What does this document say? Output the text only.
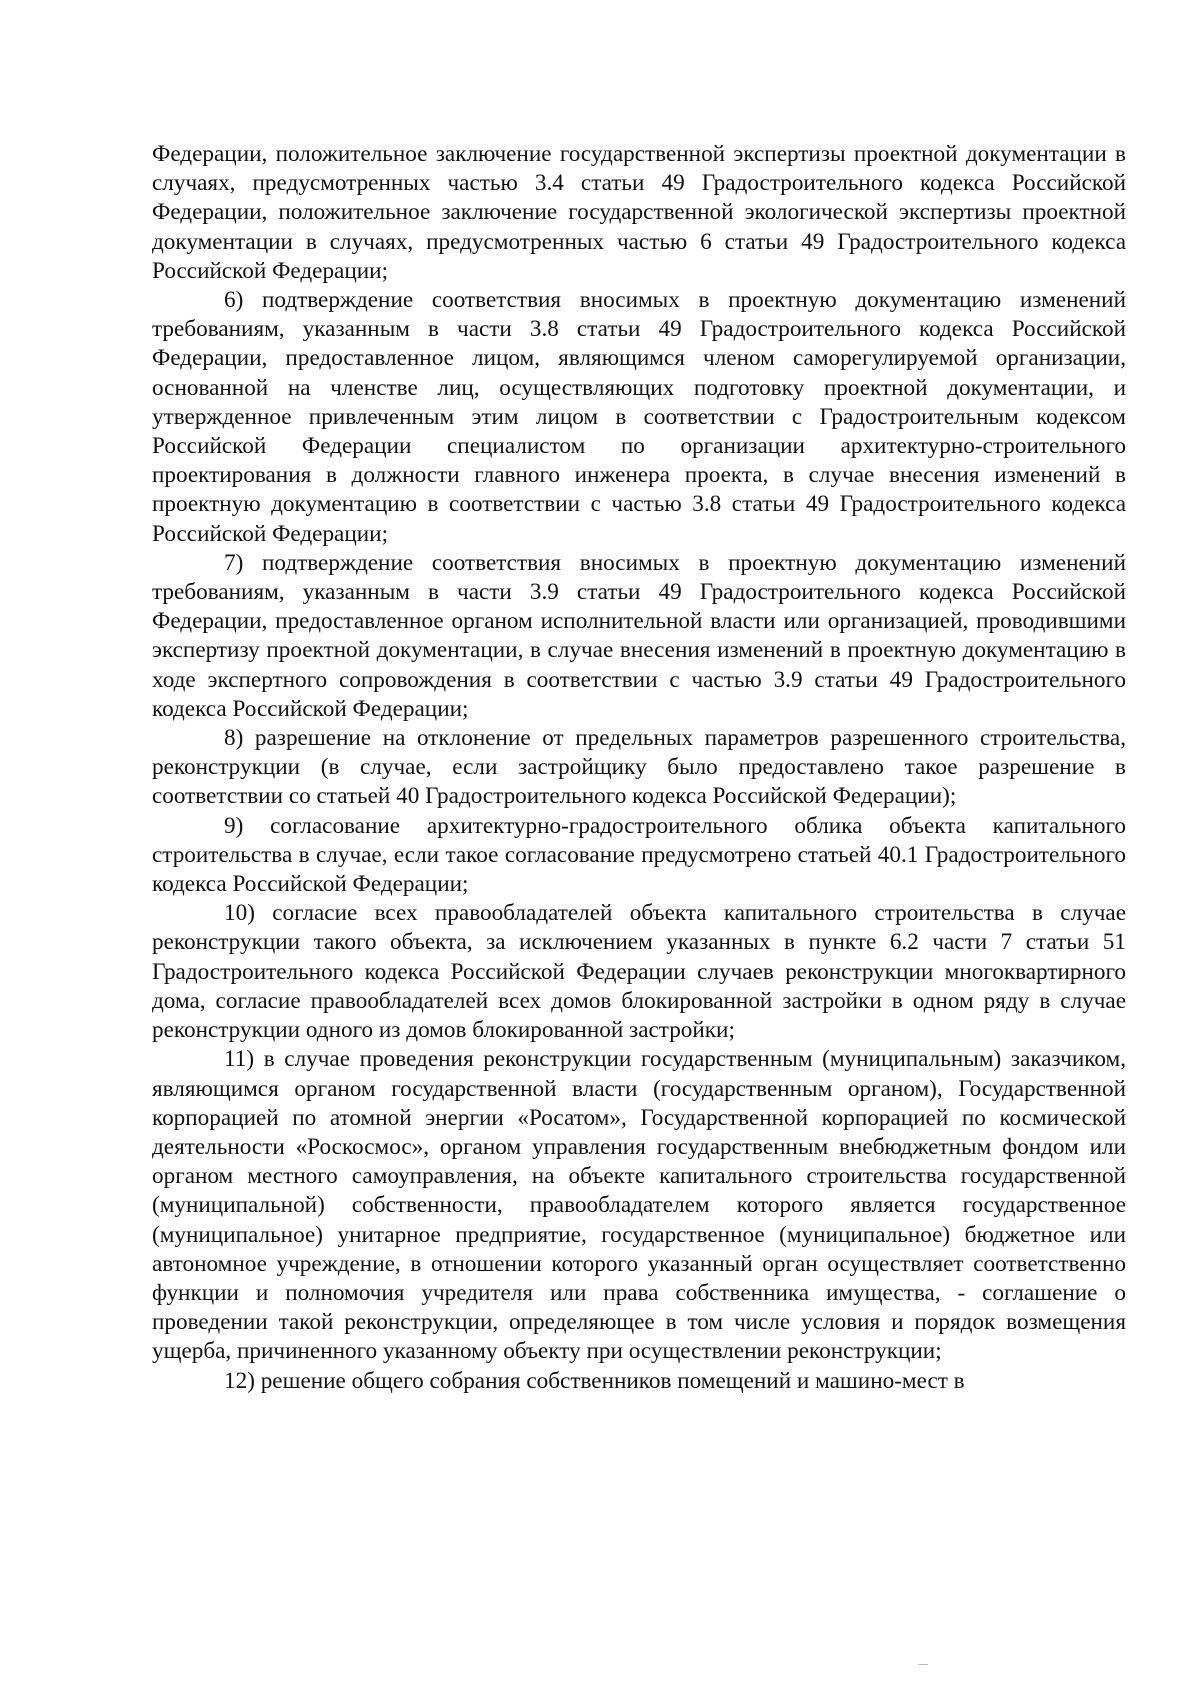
Федерации, положительное заключение государственной экспертизы проектной документации в случаях, предусмотренных частью 3.4 статьи 49 Градостроительного кодекса Российской Федерации, положительное заключение государственной экологической экспертизы проектной документации в случаях, предусмотренных частью 6 статьи 49 Градостроительного кодекса Российской Федерации;

6) подтверждение соответствия вносимых в проектную документацию изменений требованиям, указанным в части 3.8 статьи 49 Градостроительного кодекса Российской Федерации, предоставленное лицом, являющимся членом саморегулируемой организации, основанной на членстве лиц, осуществляющих подготовку проектной документации, и утвержденное привлеченным этим лицом в соответствии с Градостроительным кодексом Российской Федерации специалистом по организации архитектурно-строительного проектирования в должности главного инженера проекта, в случае внесения изменений в проектную документацию в соответствии с частью 3.8 статьи 49 Градостроительного кодекса Российской Федерации;

7) подтверждение соответствия вносимых в проектную документацию изменений требованиям, указанным в части 3.9 статьи 49 Градостроительного кодекса Российской Федерации, предоставленное органом исполнительной власти или организацией, проводившими экспертизу проектной документации, в случае внесения изменений в проектную документацию в ходе экспертного сопровождения в соответствии с частью 3.9 статьи 49 Градостроительного кодекса Российской Федерации;

8) разрешение на отклонение от предельных параметров разрешенного строительства, реконструкции (в случае, если застройщику было предоставлено такое разрешение в соответствии со статьей 40 Градостроительного кодекса Российской Федерации);

9) согласование архитектурно-градостроительного облика объекта капитального строительства в случае, если такое согласование предусмотрено статьей 40.1 Градостроительного кодекса Российской Федерации;

10) согласие всех правообладателей объекта капитального строительства в случае реконструкции такого объекта, за исключением указанных в пункте 6.2 части 7 статьи 51 Градостроительного кодекса Российской Федерации случаев реконструкции многоквартирного дома, согласие правообладателей всех домов блокированной застройки в одном ряду в случае реконструкции одного из домов блокированной застройки;

11) в случае проведения реконструкции государственным (муниципальным) заказчиком, являющимся органом государственной власти (государственным органом), Государственной корпорацией по атомной энергии «Росатом», Государственной корпорацией по космической деятельности «Роскосмос», органом управления государственным внебюджетным фондом или органом местного самоуправления, на объекте капитального строительства государственной (муниципальной) собственности, правообладателем которого является государственное (муниципальное) унитарное предприятие, государственное (муниципальное) бюджетное или автономное учреждение, в отношении которого указанный орган осуществляет соответственно функции и полномочия учредителя или права собственника имущества, - соглашение о проведении такой реконструкции, определяющее в том числе условия и порядок возмещения ущерба, причиненного указанному объекту при осуществлении реконструкции;

12) решение общего собрания собственников помещений и машино-мест в
